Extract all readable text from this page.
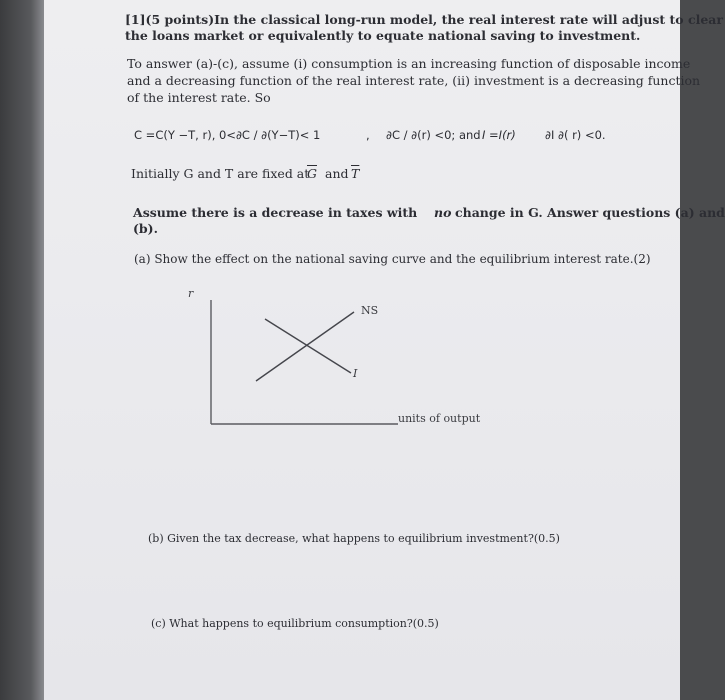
[1](5 points)In the classical long-run model, the real interest rate will adjust to clear
the loans market or equivalently to equate national saving to investment.
To answer (a)-(c), assume (i) consumption is an increasing function of disposable income
and a decreasing function of the real interest rate, (ii) investment is a decreasing function
of the interest rate. So
C =C(Y −T, r), 0<∂C / ∂(Y−T)< 1	, ∂C / ∂(r) <0; and I =I(r)	∂I ∂( r) <0.
Initially G and T are fixed at
$\overline{G}$ and $\overline{T}$
Assume there is a decrease in taxes with no change in G. Answer questions (a) and
(b).
(a) Show the effect on the national saving curve and the equilibrium interest rate.(2)
r
NS
I
units of output
(b) Given the tax decrease, what happens to equilibrium investment?(0.5)
(c) What happens to equilibrium consumption?(0.5)
